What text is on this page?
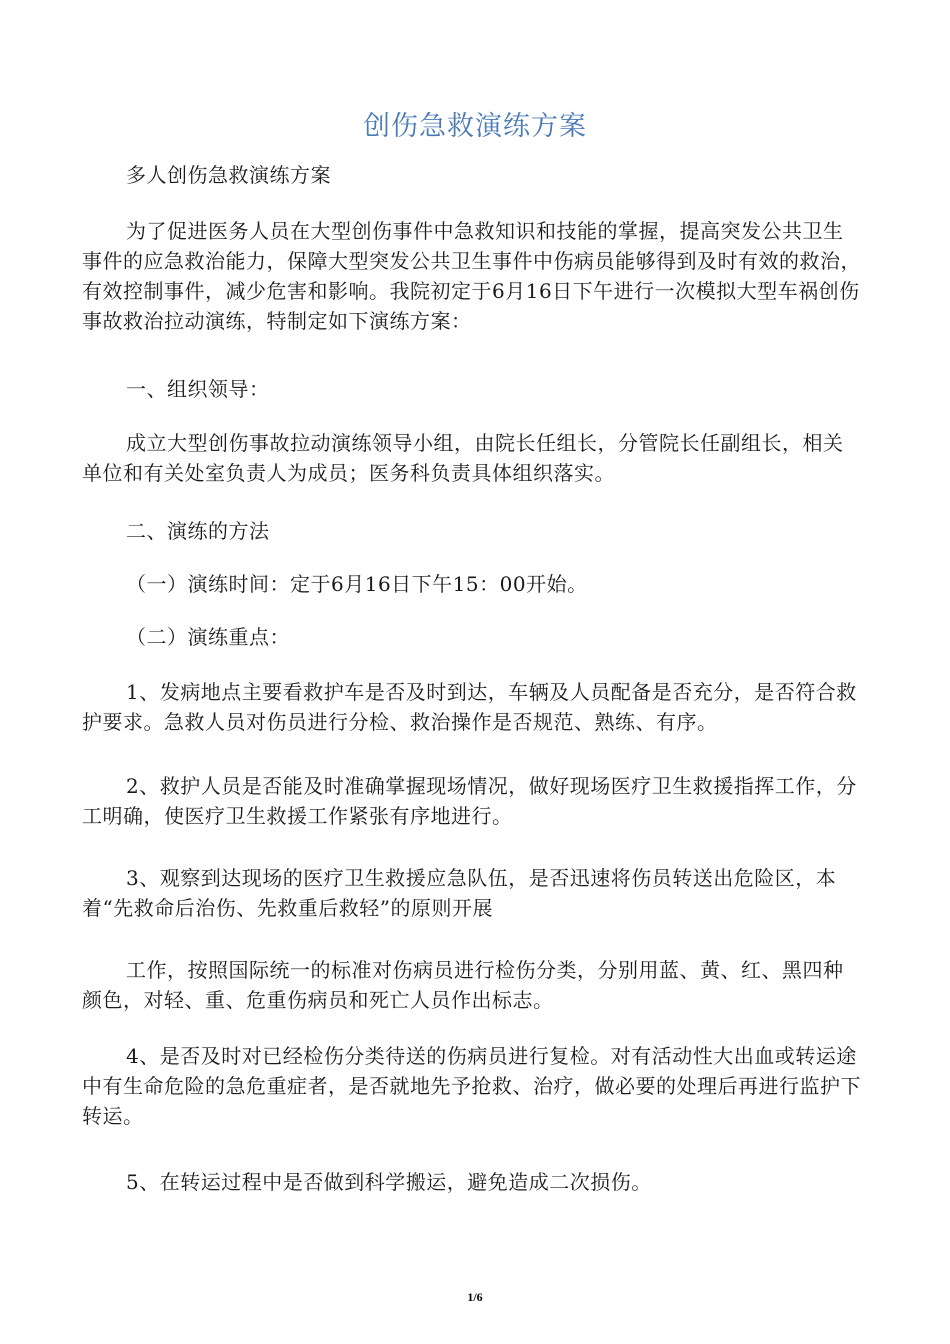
创伤急救演练方案
多人创伤急救演练方案
为了促进医务人员在大型创伤事件中急救知识和技能的掌握，提高突发公共卫生事件的应急救治能力，保障大型突发公共卫生事件中伤病员能够得到及时有效的救治，有效控制事件，减少危害和影响。我院初定于6月16日下午进行一次模拟大型车祸创伤事故救治拉动演练，特制定如下演练方案：
一、组织领导：
成立大型创伤事故拉动演练领导小组，由院长任组长，分管院长任副组长，相关单位和有关处室负责人为成员；医务科负责具体组织落实。
二、演练的方法
（一）演练时间：定于6月16日下午15：00开始。
（二）演练重点：
1、发病地点主要看救护车是否及时到达，车辆及人员配备是否充分，是否符合救护要求。急救人员对伤员进行分检、救治操作是否规范、熟练、有序。
2、救护人员是否能及时准确掌握现场情况，做好现场医疗卫生救援指挥工作，分工明确，使医疗卫生救援工作紧张有序地进行。
3、观察到达现场的医疗卫生救援应急队伍，是否迅速将伤员转送出危险区，本着“先救命后治伤、先救重后救轻”的原则开展
工作，按照国际统一的标准对伤病员进行检伤分类，分别用蓝、黄、红、黑四种颜色，对轻、重、危重伤病员和死亡人员作出标志。
4、是否及时对已经检伤分类待送的伤病员进行复检。对有活动性大出血或转运途中有生命危险的急危重症者，是否就地先予抢救、治疗，做必要的处理后再进行监护下转运。
5、在转运过程中是否做到科学搬运，避免造成二次损伤。
1/6
